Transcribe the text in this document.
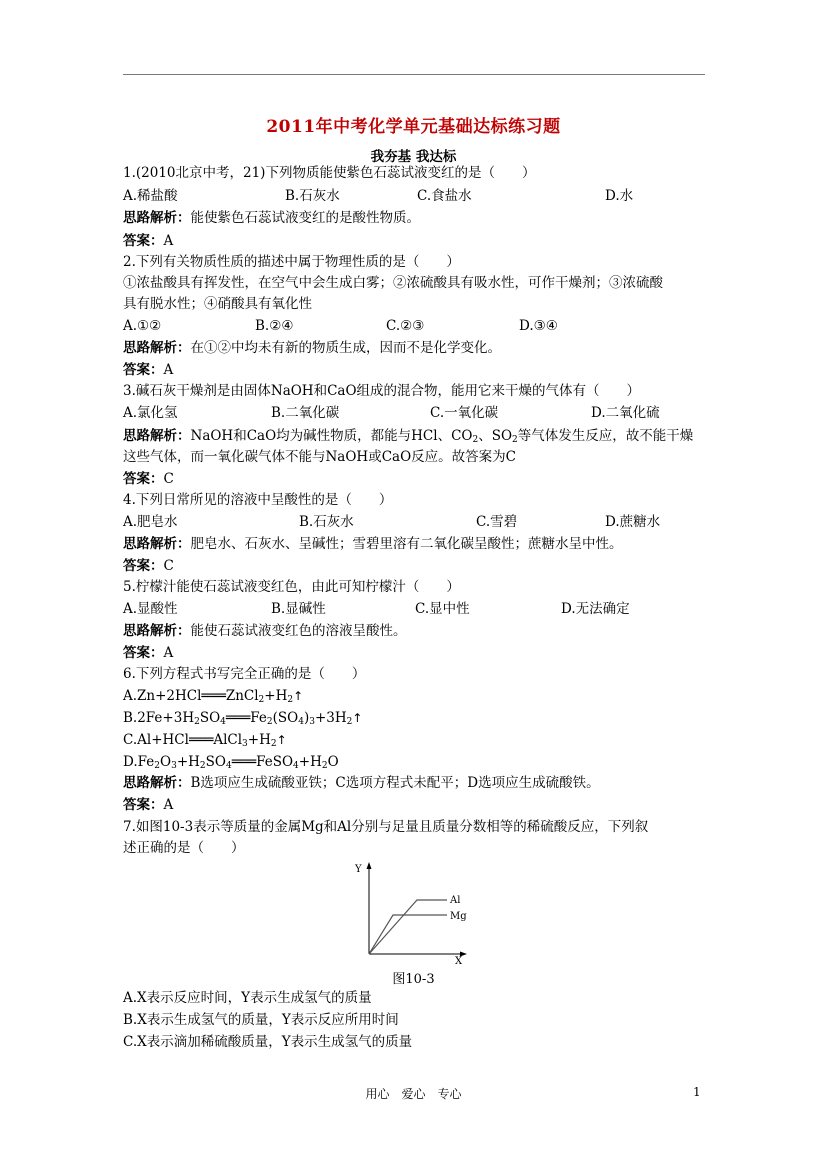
2011年中考化学单元基础达标练习题
我夯基 我达标
1.(2010北京中考，21)下列物质能使紫色石蕊试液变红的是（　　）
A.稀盐酸	B.石灰水	C.食盐水	D.水
思路解析：能使紫色石蕊试液变红的是酸性物质。
答案：A
2.下列有关物质性质的描述中属于物理性质的是（　　）
①浓盐酸具有挥发性，在空气中会生成白雾；②浓硫酸具有吸水性，可作干燥剂；③浓硫酸
具有脱水性；④硝酸具有氧化性
A.①②	B.②④	C.②③	D.③④
思路解析：在①②中均未有新的物质生成，因而不是化学变化。
答案：A
3.碱石灰干燥剂是由固体NaOH和CaO组成的混合物，能用它来干燥的气体有（　　）
A.氯化氢	B.二氧化碳	C.一氧化碳	D.二氧化硫
思路解析：NaOH和CaO均为碱性物质，都能与HCl、$CO_2$、$SO_2$等气体发生反应，故不能干燥
这些气体，而一氧化碳气体不能与NaOH或CaO反应。故答案为C
答案：C
4.下列日常所见的溶液中呈酸性的是（　　）
A.肥皂水	B.石灰水	C.雪碧	D.蔗糖水
思路解析：肥皂水、石灰水、呈碱性；雪碧里溶有二氧化碳呈酸性；蔗糖水呈中性。
答案：C
5.柠檬汁能使石蕊试液变红色，由此可知柠檬汁（　　）
A.显酸性	B.显碱性	C.显中性	D.无法确定
思路解析：能使石蕊试液变红色的溶液呈酸性。
答案：A
6.下列方程式书写完全正确的是（　　）
$A.Zn+2HCl═══ZnCl_2+H_2↑$
$B.2Fe+3H_2SO_4═══Fe_2(SO_4)_3+3H_2↑$
$C.Al+HCl═══AlCl_3+H_2↑$
$D.Fe_2O_3+H_2SO_4═══FeSO_4+H_2O$
思路解析：B选项应生成硫酸亚铁；C选项方程式未配平；D选项应生成硫酸铁。
答案：A
7.如图10-3表示等质量的金属Mg和Al分别与足量且质量分数相等的稀硫酸反应，下列叙
述正确的是（　　）
Y
X
Al
Mg
图10-3
A.X表示反应时间，Y表示生成氢气的质量
B.X表示生成氢气的质量，Y表示反应所用时间
C.X表示滴加稀硫酸质量，Y表示生成氢气的质量
用心　爱心　专心	1
